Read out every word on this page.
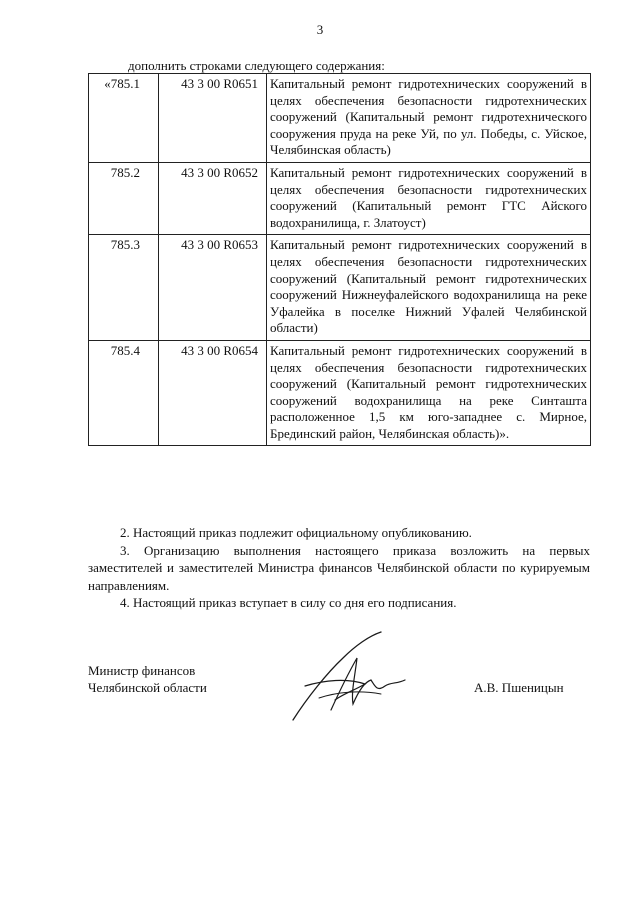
3
дополнить строками следующего содержания:
«785.1	43 3 00 R0651	Капитальный ремонт гидротехнических сооружений в целях обеспечения безопасности гидротехнических сооружений (Капитальный ремонт гидротехнического сооружения пруда на реке Уй, по ул. Победы, с. Уйское, Челябинская область)
785.2	43 3 00 R0652	Капитальный ремонт гидротехнических сооружений в целях обеспечения безопасности гидротехнических сооружений (Капитальный ремонт ГТС Айского водохранилища, г. Златоуст)
785.3	43 3 00 R0653	Капитальный ремонт гидротехнических сооружений в целях обеспечения безопасности гидротехнических сооружений (Капитальный ремонт гидротехнических сооружений Нижнеуфалейского водохранилища на реке Уфалейка в поселке Нижний Уфалей Челябинской области)
785.4	43 3 00 R0654	Капитальный ремонт гидротехнических сооружений в целях обеспечения безопасности гидротехнических сооружений (Капитальный ремонт гидротехнических сооружений водохранилища на реке Синташта расположенное 1,5 км юго-западнее с. Мирное, Брединский район, Челябинская область)».

2. Настоящий приказ подлежит официальному опубликованию.

3. Организацию выполнения настоящего приказа возложить на первых заместителей и заместителей Министра финансов Челябинской области по курируемым направлениям.

4. Настоящий приказ вступает в силу со дня его подписания.

Министр финансов
Челябинской области	А.В. Пшеницын
